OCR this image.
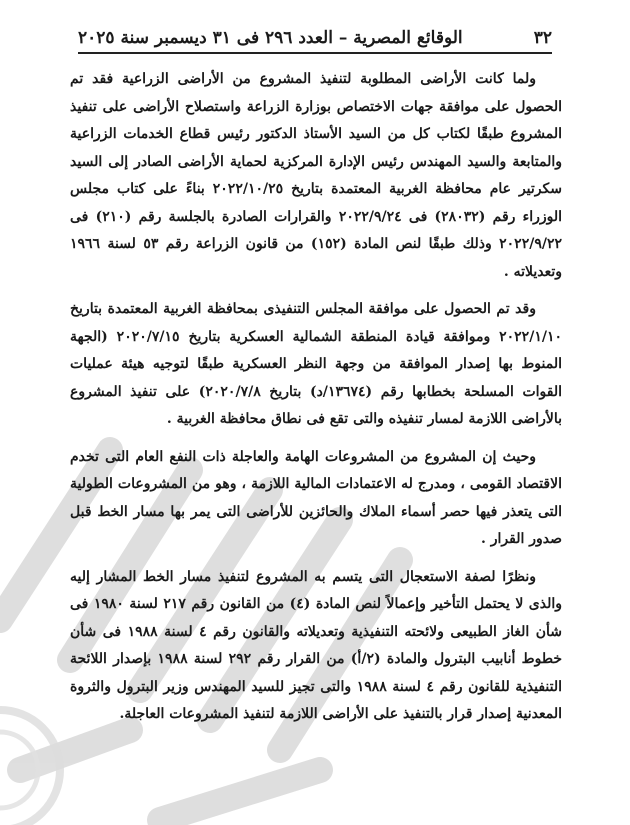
٣٢
الوقائع المصرية – العدد ٢٩٦ فى ٣١ ديسمبر سنة ٢٠٢٥

ولما كانت الأراضى المطلوبة لتنفيذ المشروع من الأراضى الزراعية فقد تم الحصول على موافقة جهات الاختصاص بوزارة الزراعة واستصلاح الأراضى على تنفيذ المشروع طبقًا لكتاب كل من السيد الأستاذ الدكتور رئيس قطاع الخدمات الزراعية والمتابعة والسيد المهندس رئيس الإدارة المركزية لحماية الأراضى الصادر إلى السيد سكرتير عام محافظة الغربية المعتمدة بتاريخ ٢٠٢٢/١٠/٢٥ بناءً على كتاب مجلس الوزراء رقم (٢٨٠٣٢) فى ٢٠٢٢/٩/٢٤ والقرارات الصادرة بالجلسة رقم (٢١٠) فى ٢٠٢٢/٩/٢٢ وذلك طبقًا لنص المادة (١٥٢) من قانون الزراعة رقم ٥٣ لسنة ١٩٦٦ وتعديلاته .

وقد تم الحصول على موافقة المجلس التنفيذى بمحافظة الغربية المعتمدة بتاريخ ٢٠٢٢/١/١٠ وموافقة قيادة المنطقة الشمالية العسكرية بتاريخ ٢٠٢٠/٧/١٥ (الجهة المنوط بها إصدار الموافقة من وجهة النظر العسكرية طبقًا لتوجيه هيئة عمليات القوات المسلحة بخطابها رقم (١٣٦٧٤/د) بتاريخ ٢٠٢٠/٧/٨) على تنفيذ المشروع بالأراضى اللازمة لمسار تنفيذه والتى تقع فى نطاق محافظة الغربية .

وحيث إن المشروع من المشروعات الهامة والعاجلة ذات النفع العام التى تخدم الاقتصاد القومى ، ومدرج له الاعتمادات المالية اللازمة ، وهو من المشروعات الطولية التى يتعذر فيها حصر أسماء الملاك والحائزين للأراضى التى يمر بها مسار الخط قبل صدور القرار .

ونظرًا لصفة الاستعجال التى يتسم به المشروع لتنفيذ مسار الخط المشار إليه والذى لا يحتمل التأخير وإعمالاً لنص المادة (٤) من القانون رقم ٢١٧ لسنة ١٩٨٠ فى شأن الغاز الطبيعى ولائحته التنفيذية وتعديلاته والقانون رقم ٤ لسنة ١٩٨٨ فى شأن خطوط أنابيب البترول والمادة (٢/أ) من القرار رقم ٢٩٢ لسنة ١٩٨٨ بإصدار اللائحة التنفيذية للقانون رقم ٤ لسنة ١٩٨٨ والتى تجيز للسيد المهندس وزير البترول والثروة المعدنية إصدار قرار بالتنفيذ على الأراضى اللازمة لتنفيذ المشروعات العاجلة.
